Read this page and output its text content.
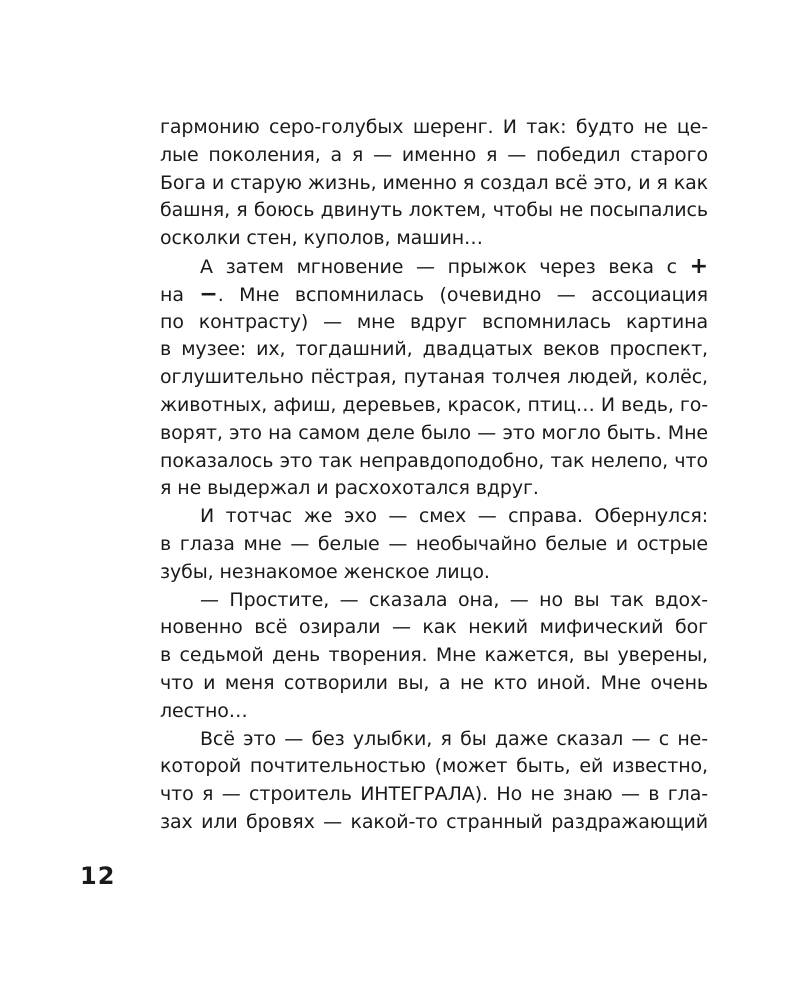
гармонию серо-голубых шеренг. И так: будто не це-
лые поколения, а я — именно я — победил старого
Бога и старую жизнь, именно я создал всё это, и я как
башня, я боюсь двинуть локтем, чтобы не посыпались
осколки стен, куполов, машин…
А затем мгновение — прыжок через века с +
на −. Мне вспомнилась (очевидно — ассоциация
по контрасту) — мне вдруг вспомнилась картина
в музее: их, тогдашний, двадцатых веков проспект,
оглушительно пёстрая, путаная толчея людей, колёс,
животных, афиш, деревьев, красок, птиц… И ведь, го-
ворят, это на самом деле было — это могло быть. Мне
показалось это так неправдоподобно, так нелепо, что
я не выдержал и расхохотался вдруг.
И тотчас же эхо — смех — справа. Обернулся:
в глаза мне — белые — необычайно белые и острые
зубы, незнакомое женское лицо.
— Простите, — сказала она, — но вы так вдох-
новенно всё озирали — как некий мифический бог
в седьмой день творения. Мне кажется, вы уверены,
что и меня сотворили вы, а не кто иной. Мне очень
лестно…
Всё это — без улыбки, я бы даже сказал — с не-
которой почтительностью (может быть, ей известно,
что я — строитель ИНТЕГРАЛА). Но не знаю — в гла-
зах или бровях — какой-то странный раздражающий
12
